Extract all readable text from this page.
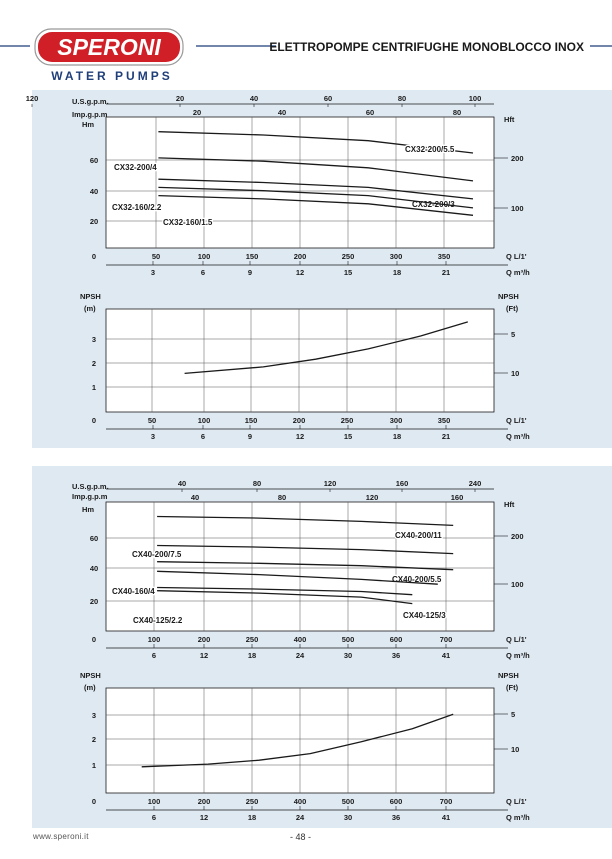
SPERONI
WATER PUMPS
ELETTROPOMPE CENTRIFUGHE MONOBLOCCO INOX
20
40
60
100
200
0	50	100	150	200	250	300	350	Q L/1'
3	6	9	12	15	18	21	Q m³/h
U.S.g.p.m.
Imp.g.p.m
20	40	60	80	100
120
20	40	60	80
Hm
Hft
CX32-200/5.5
CX32-200/4
CX32-200/3
CX32-160/2.2
CX32-160/1.5
1
2
3
5
10
0	50	100	150	200	250	300	350	Q L/1'
3	6	9	12	15	18	21	Q m³/h
NPSH
(m)
NPSH
(Ft)
20
40
60
100
200
0	100	200	250	400	500	600	700	Q L/1'
6	12	18	24	30	36	41	Q m³/h
U.S.g.p.m.
Imp.g.p.m
40	80	120	160	240
40	80	120	160
Hm
Hft
CX40-200/11
CX40-200/7.5
CX40-200/5.5
CX40-160/4
CX40-125/3
CX40-125/2.2
1
2
3	5
10
0	100	200	250	400	500	600	700	Q L/1'
6	12	18	24	30	36	41	Q m³/h
NPSH
(m)
NPSH
(Ft)
www.speroni.it	- 48 -
